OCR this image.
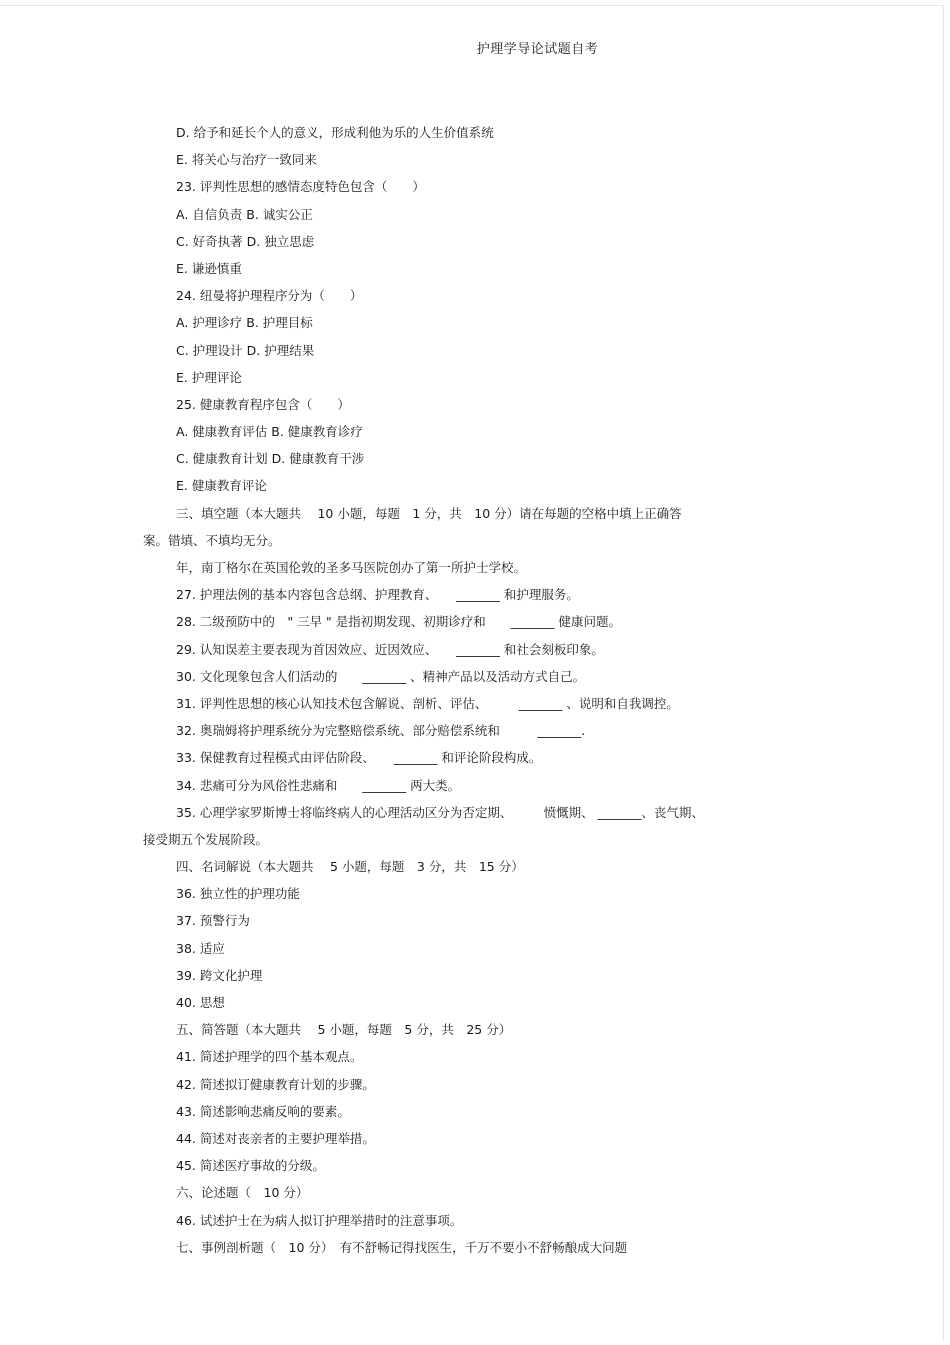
护理学导论试题自考
D. 给予和延长个人的意义，形成利他为乐的人生价值系统
E. 将关心与治疗一致同来
23. 评判性思想的感情态度特色包含（　　）
A. 自信负责 B. 诚实公正
C. 好奇执著 D. 独立思虑
E. 谦逊慎重
24. 纽曼将护理程序分为（　　）
A. 护理诊疗 B. 护理目标
C. 护理设计 D. 护理结果
E. 护理评论
25. 健康教育程序包含（　　）
A. 健康教育评估 B. 健康教育诊疗
C. 健康教育计划 D. 健康教育干涉
E. 健康教育评论
三、填空题（本大题共　 10 小题，每题　1 分，共　10 分）请在每题的空格中填上正确答
案。错填、不填均无分。
年，南丁格尔在英国伦敦的圣多马医院创办了第一所护士学校。
27. 护理法例的基本内容包含总纲、护理教育、　　_______ 和护理服务。
28. 二级预防中的　" 三早 " 是指初期发现、初期诊疗和　　_______ 健康问题。
29. 认知误差主要表现为首因效应、近因效应、　　_______ 和社会刻板印象。
30. 文化现象包含人们活动的　　_______ 、精神产品以及活动方式自己。
31. 评判性思想的核心认知技术包含解说、剖析、评估、　　　_______ 、说明和自我调控。
32. 奥瑞姆将护理系统分为完整赔偿系统、部分赔偿系统和　　　_______.
33. 保健教育过程模式由评估阶段、　　_______ 和评论阶段构成。
34. 悲痛可分为风俗性悲痛和　　_______ 两大类。
35. 心理学家罗斯博士将临终病人的心理活动区分为否定期、　　　愤慨期、 _______、丧气期、
接受期五个发展阶段。
四、名词解说（本大题共　 5 小题，每题　3 分，共　15 分）
36. 独立性的护理功能
37. 预警行为
38. 适应
39. 跨文化护理
40. 思想
五、简答题（本大题共　 5 小题，每题　5 分，共　25 分）
41. 简述护理学的四个基本观点。
42. 简述拟订健康教育计划的步骤。
43. 简述影响悲痛反响的要素。
44. 简述对丧亲者的主要护理举措。
45. 简述医疗事故的分级。
六、论述题（　10 分）
46. 试述护士在为病人拟订护理举措时的注意事项。
七、事例剖析题（　10 分）　有不舒畅记得找医生，千万不要小不舒畅酿成大问题
